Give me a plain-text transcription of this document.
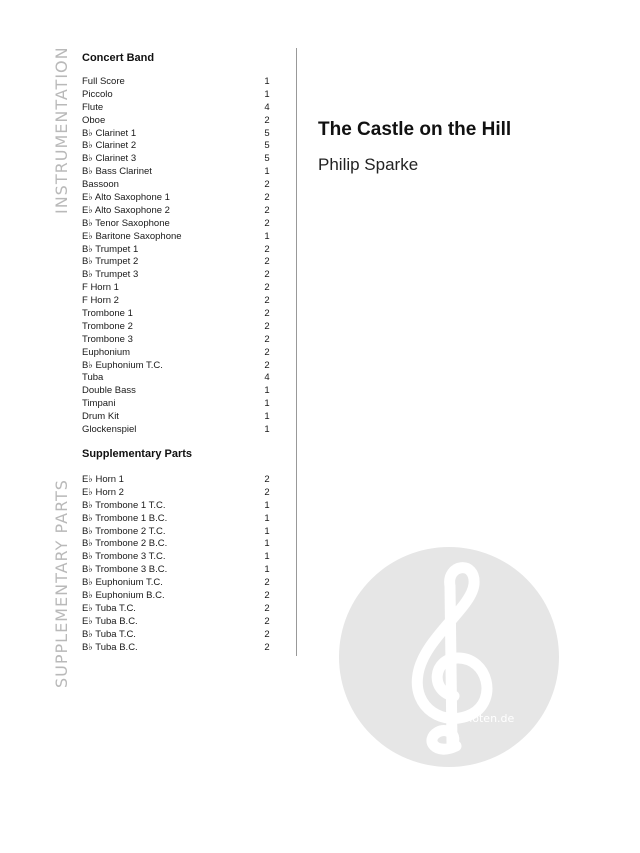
INSTRUMENTATION
SUPPLEMENTARY PARTS
Concert Band
Full Score	1
Piccolo	1
Flute	4
Oboe	2
B♭ Clarinet 1	5
B♭ Clarinet 2	5
B♭ Clarinet 3	5
B♭ Bass Clarinet	1
Bassoon	2
E♭ Alto Saxophone 1	2
E♭ Alto Saxophone 2	2
B♭ Tenor Saxophone	2
E♭ Baritone Saxophone	1
B♭ Trumpet 1	2
B♭ Trumpet 2	2
B♭ Trumpet 3	2
F Horn 1	2
F Horn 2	2
Trombone 1	2
Trombone 2	2
Trombone 3	2
Euphonium	2
B♭ Euphonium T.C.	2
Tuba	4
Double Bass	1
Timpani	1
Drum Kit	1
Glockenspiel	1
Supplementary Parts
E♭ Horn 1	2
E♭ Horn 2	2
B♭ Trombone 1 T.C.	1
B♭ Trombone 1 B.C.	1
B♭ Trombone 2 T.C.	1
B♭ Trombone 2 B.C.	1
B♭ Trombone 3 T.C.	1
B♭ Trombone 3 B.C.	1
B♭ Euphonium T.C.	2
B♭ Euphonium B.C.	2
E♭ Tuba T.C.	2
E♭ Tuba B.C.	2
B♭ Tuba T.C.	2
B♭ Tuba B.C.	2
The Castle on the Hill
Philip Sparke
alle-noten.de
